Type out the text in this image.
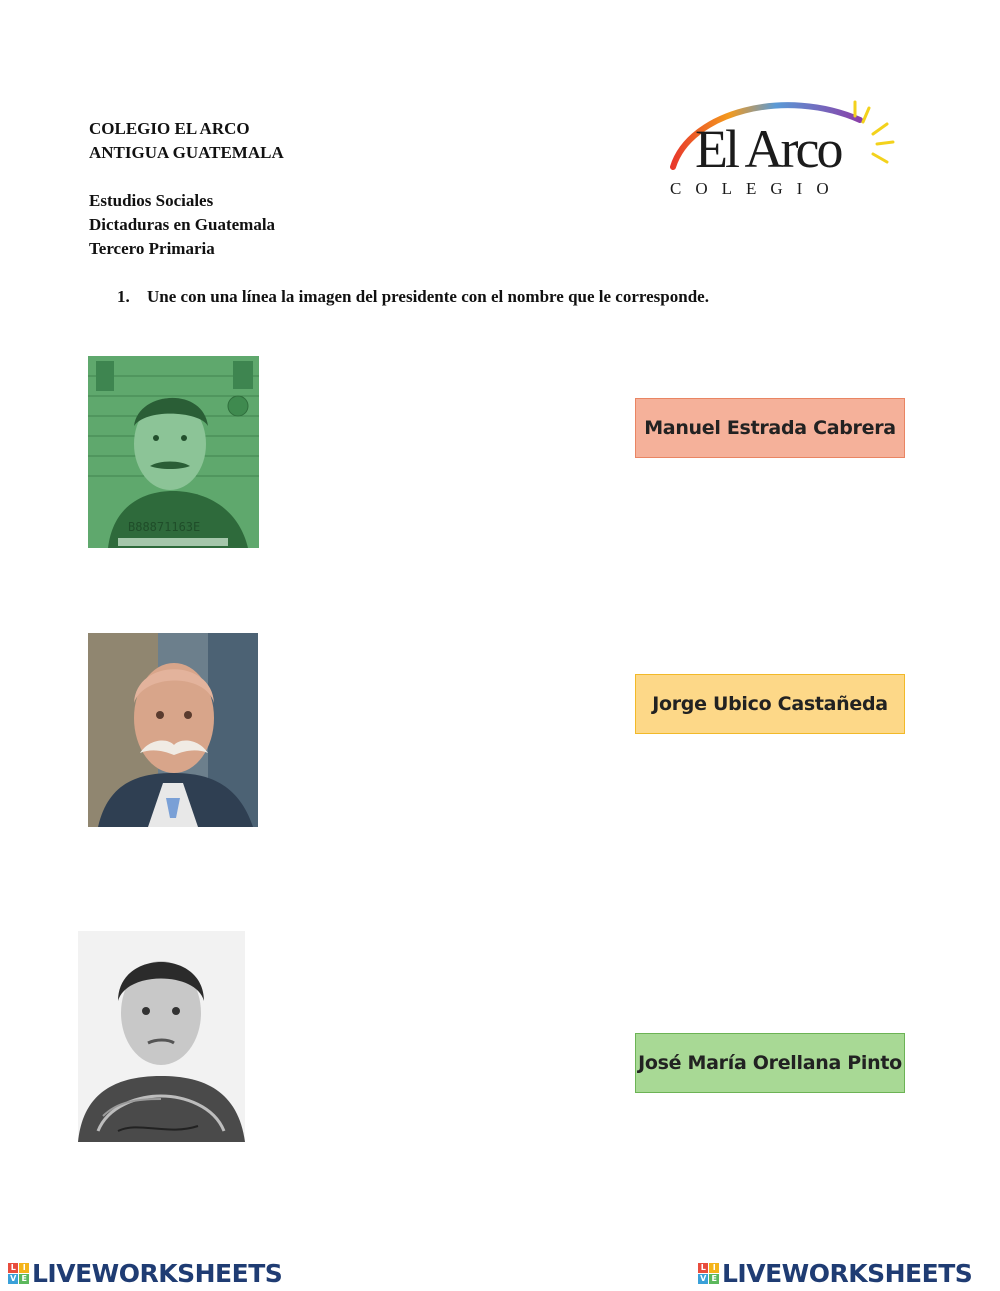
COLEGIO EL ARCO
ANTIGUA GUATEMALA
Estudios Sociales
Dictaduras en Guatemala
Tercero Primaria
El Arco
COLEGIO
1. Une con una línea la imagen del presidente con el nombre que le corresponde.
B88871163E
Manuel Estrada Cabrera
Jorge Ubico Castañeda
José María Orellana Pinto
L I
V E LIVEWORKSHEETS	L I
V E LIVEWORKSHEETS
